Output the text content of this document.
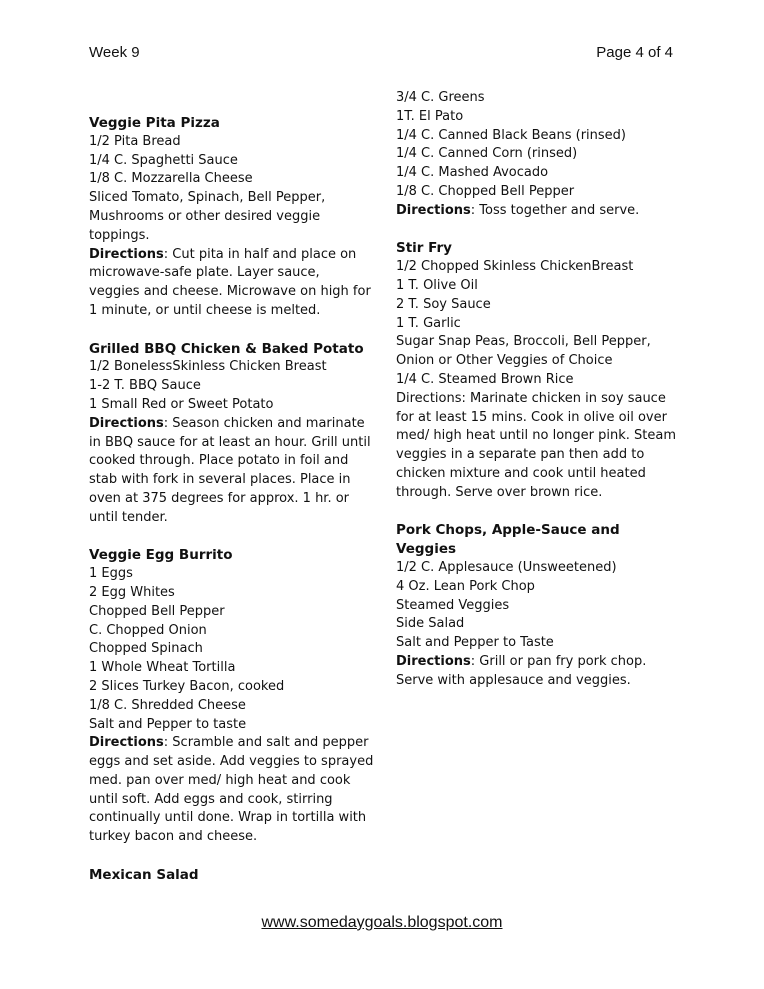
Week 9	Page 4 of 4
Veggie Pita Pizza
1/2 Pita Bread
1/4 C. Spaghetti Sauce
1/8 C. Mozzarella Cheese
Sliced Tomato, Spinach, Bell Pepper,
Mushrooms or other desired veggie
toppings.
Directions: Cut pita in half and place on microwave-safe plate. Layer sauce, veggies and cheese. Microwave on high for 1 minute, or until cheese is melted.
Grilled BBQ Chicken & Baked Potato
1/2 BonelessSkinless Chicken Breast
1-2 T. BBQ Sauce
1 Small Red or Sweet Potato
Directions: Season chicken and marinate in BBQ sauce for at least an hour. Grill until cooked through. Place potato in foil and stab with fork in several places. Place in oven at 375 degrees for approx. 1 hr. or until tender.
Veggie Egg Burrito
1 Eggs
2 Egg Whites
Chopped Bell Pepper
C. Chopped Onion
Chopped Spinach
1 Whole Wheat Tortilla
2 Slices Turkey Bacon, cooked
1/8 C. Shredded Cheese
Salt and Pepper to taste
Directions: Scramble and salt and pepper eggs and set aside. Add veggies to sprayed med. pan over med/ high heat and cook until soft. Add eggs and cook, stirring continually until done. Wrap in tortilla with turkey bacon and cheese.
Mexican Salad
3/4 C. Greens
1T. El Pato
1/4 C. Canned Black Beans (rinsed)
1/4 C. Canned Corn (rinsed)
1/4 C. Mashed Avocado
1/8 C. Chopped Bell Pepper
Directions: Toss together and serve.
Stir Fry
1/2 Chopped Skinless ChickenBreast
1 T. Olive Oil
2 T. Soy Sauce
1 T. Garlic
Sugar Snap Peas, Broccoli, Bell Pepper,
Onion or Other Veggies of Choice
1/4 C. Steamed Brown Rice
Directions: Marinate chicken in soy sauce for at least 15 mins. Cook in olive oil over med/ high heat until no longer pink. Steam veggies in a separate pan then add to chicken mixture and cook until heated through. Serve over brown rice.
Pork Chops, Apple-Sauce and Veggies
1/2 C. Applesauce (Unsweetened)
4 Oz. Lean Pork Chop
Steamed Veggies
Side Salad
Salt and Pepper to Taste
Directions: Grill or pan fry pork chop. Serve with applesauce and veggies.
www.somedaygoals.blogspot.com
